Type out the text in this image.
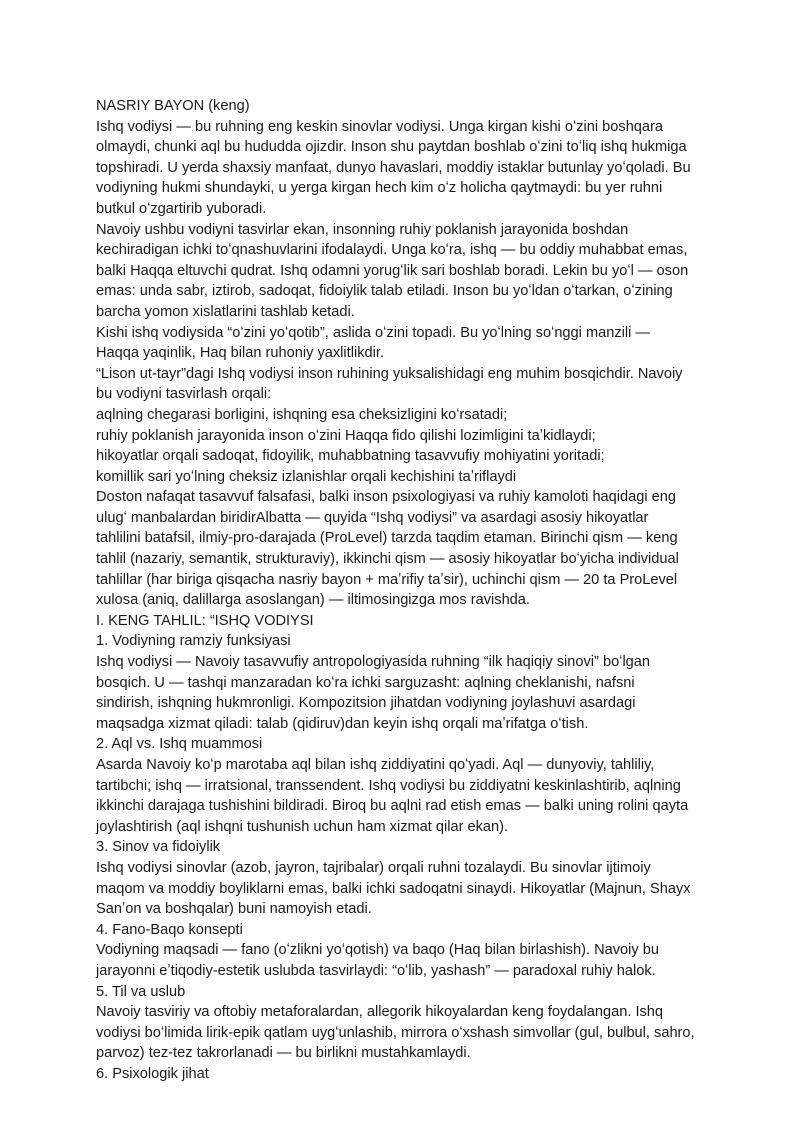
NASRIY BAYON (keng)
Ishq vodiysi — bu ruhning eng keskin sinovlar vodiysi. Unga kirgan kishi oʻzini boshqara
olmaydi, chunki aql bu hududda ojizdir. Inson shu paytdan boshlab oʻzini toʻliq ishq hukmiga
topshiradi. U yerda shaxsiy manfaat, dunyo havaslari, moddiy istaklar butunlay yoʻqoladi. Bu
vodiyning hukmi shundayki, u yerga kirgan hech kim oʻz holicha qaytmaydi: bu yer ruhni
butkul oʻzgartirib yuboradi.
Navoiy ushbu vodiyni tasvirlar ekan, insonning ruhiy poklanish jarayonida boshdan
kechiradigan ichki toʻqnashuvlarini ifodalaydi. Unga koʻra, ishq — bu oddiy muhabbat emas,
balki Haqqa eltuvchi qudrat. Ishq odamni yorugʻlik sari boshlab boradi. Lekin bu yoʻl — oson
emas: unda sabr, iztirob, sadoqat, fidoiylik talab etiladi. Inson bu yoʻldan oʻtarkan, oʻzining
barcha yomon xislatlarini tashlab ketadi.
Kishi ishq vodiysida “oʻzini yoʻqotib”, aslida oʻzini topadi. Bu yoʻlning soʻnggi manzili —
Haqqa yaqinlik, Haq bilan ruhoniy yaxlitlikdir.
“Lison ut-tayr”dagi Ishq vodiysi inson ruhining yuksalishidagi eng muhim bosqichdir. Navoiy
bu vodiyni tasvirlash orqali:
aqlning chegarasi borligini, ishqning esa cheksizligini koʻrsatadi;
ruhiy poklanish jarayonida inson oʻzini Haqqa fido qilishi lozimligini taʼkidlaydi;
hikoyatlar orqali sadoqat, fidoyilik, muhabbatning tasavvufiy mohiyatini yoritadi;
komillik sari yoʻlning cheksiz izlanishlar orqali kechishini taʼriflaydi
Doston nafaqat tasavvuf falsafasi, balki inson psixologiyasi va ruhiy kamoloti haqidagi eng
ulugʻ manbalardan biridirAlbatta — quyida “Ishq vodiysi” va asardagi asosiy hikoyatlar
tahlilini batafsil, ilmiy-pro-darajada (ProLevel) tarzda taqdim etaman. Birinchi qism — keng
tahlil (nazariy, semantik, strukturaviy), ikkinchi qism — asosiy hikoyatlar boʻyicha individual
tahlillar (har biriga qisqacha nasriy bayon + maʼrifiy taʼsir), uchinchi qism — 20 ta ProLevel
xulosa (aniq, dalillarga asoslangan) — iltimosingizga mos ravishda.
I. KENG TAHLIL: “ISHQ VODIYSI
1. Vodiyning ramziy funksiyasi
Ishq vodiysi — Navoiy tasavvufiy antropologiyasida ruhning “ilk haqiqiy sinovi” boʻlgan
bosqich. U — tashqi manzaradan koʻra ichki sarguzasht: aqlning cheklanishi, nafsni
sindirish, ishqning hukmronligi. Kompozitsion jihatdan vodiyning joylashuvi asardagi
maqsadga xizmat qiladi: talab (qidiruv)dan keyin ishq orqali maʼrifatga oʻtish.
2. Aql vs. Ishq muammosi
Asarda Navoiy koʻp marotaba aql bilan ishq ziddiyatini qoʻyadi. Aql — dunyoviy, tahliliy,
tartibchi; ishq — irratsional, transsendent. Ishq vodiysi bu ziddiyatni keskinlashtirib, aqlning
ikkinchi darajaga tushishini bildiradi. Biroq bu aqlni rad etish emas — balki uning rolini qayta
joylashtirish (aql ishqni tushunish uchun ham xizmat qilar ekan).
3. Sinov va fidoiylik
Ishq vodiysi sinovlar (azob, jayron, tajribalar) orqali ruhni tozalaydi. Bu sinovlar ijtimoiy
maqom va moddiy boyliklarni emas, balki ichki sadoqatni sinaydi. Hikoyatlar (Majnun, Shayx
Sanʼon va boshqalar) buni namoyish etadi.
4. Fano-Baqo konsepti
Vodiyning maqsadi — fano (oʻzlikni yoʻqotish) va baqo (Haq bilan birlashish). Navoiy bu
jarayonni eʼtiqodiy-estetik uslubda tasvirlaydi: “oʻlib, yashash” — paradoxal ruhiy halok.
5. Til va uslub
Navoiy tasviriy va oftobiy metaforalardan, allegorik hikoyalardan keng foydalangan. Ishq
vodiysi boʻlimida lirik-epik qatlam uygʻunlashib, mirrora oʻxshash simvollar (gul, bulbul, sahro,
parvoz) tez-tez takrorlanadi — bu birlikni mustahkamlaydi.
6. Psixologik jihat
